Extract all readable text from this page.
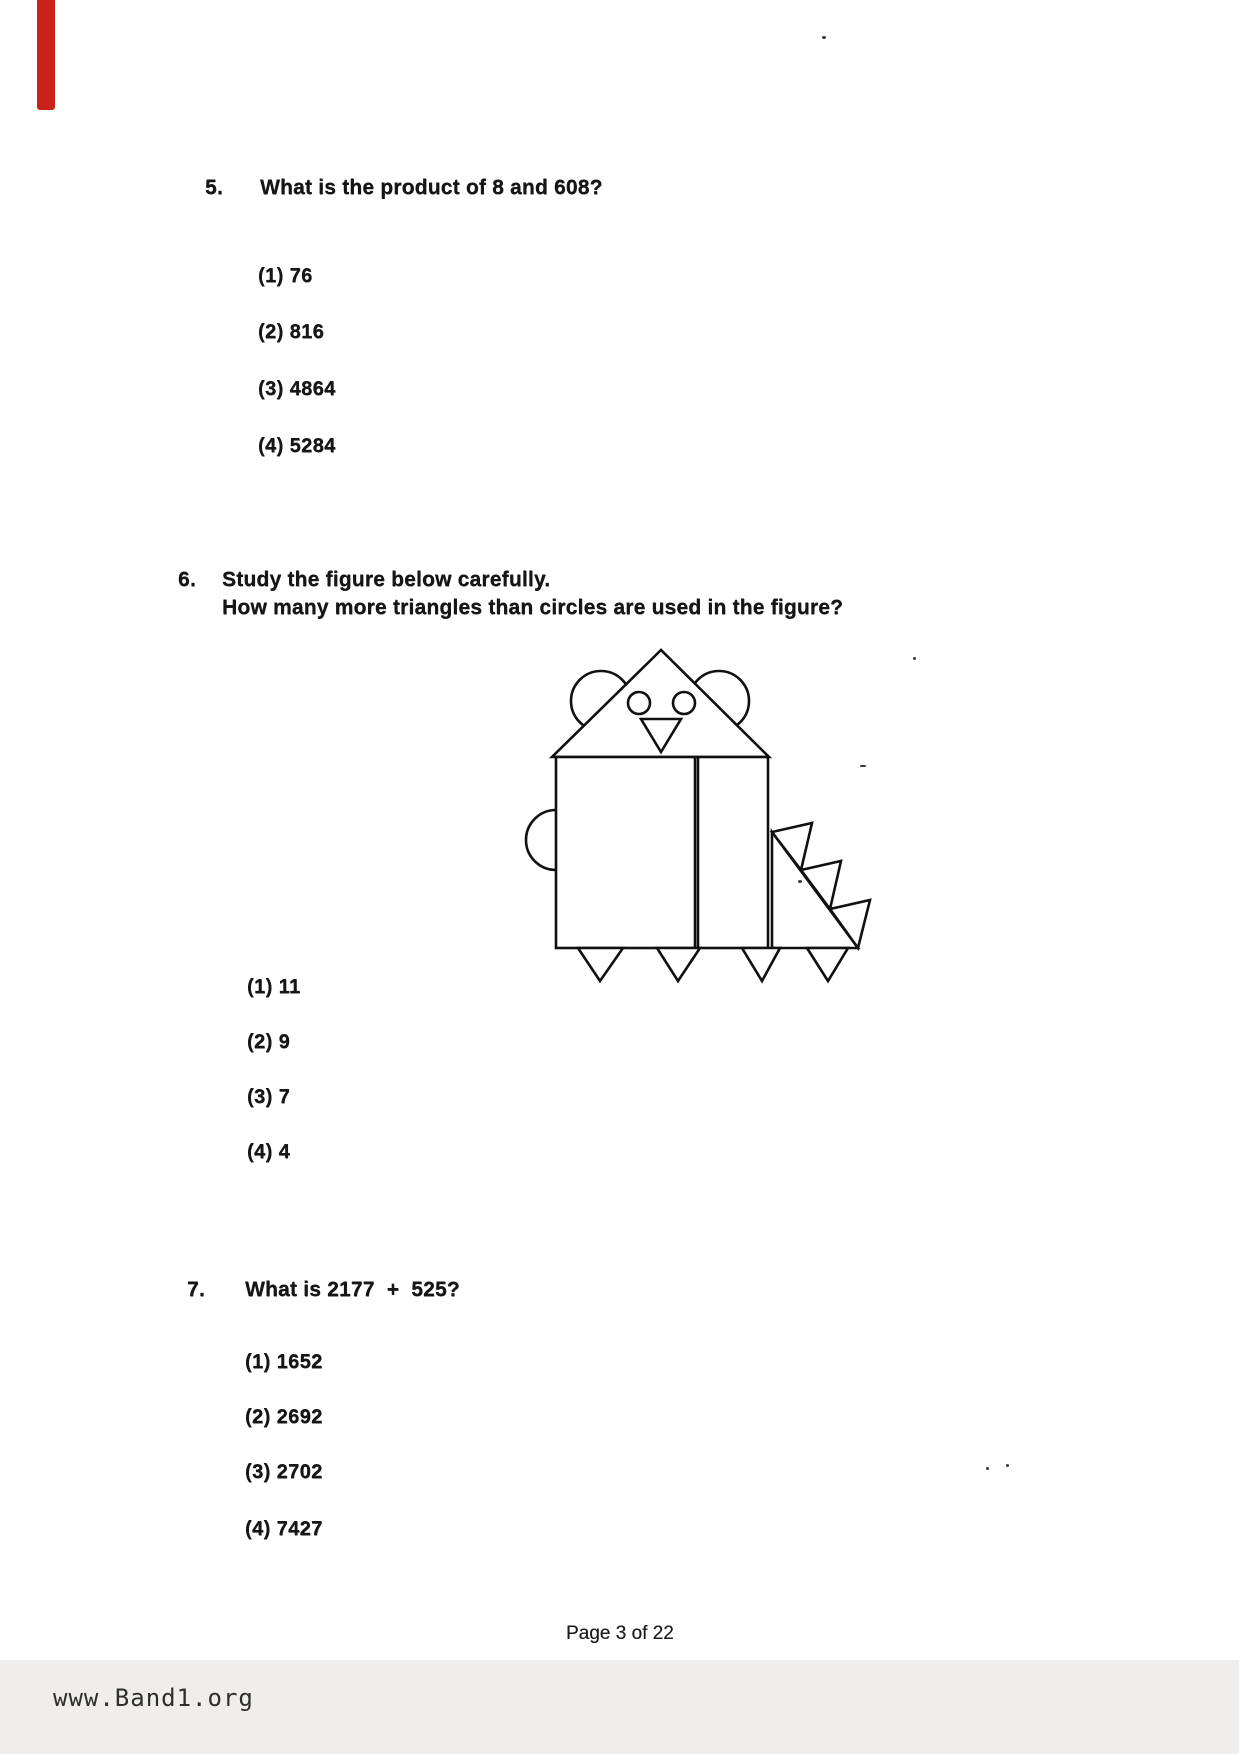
5. What is the product of 8 and 608?
(1) 76
(2) 816
(3) 4864
(4) 5284
6. Study the figure below carefully.
How many more triangles than circles are used in the figure?
(1) 11
(2) 9
(3) 7
(4) 4
7. What is 2177  +  525?
(1) 1652
(2) 2692
(3) 2702
(4) 7427
Page 3 of 22
www.Band1.org
